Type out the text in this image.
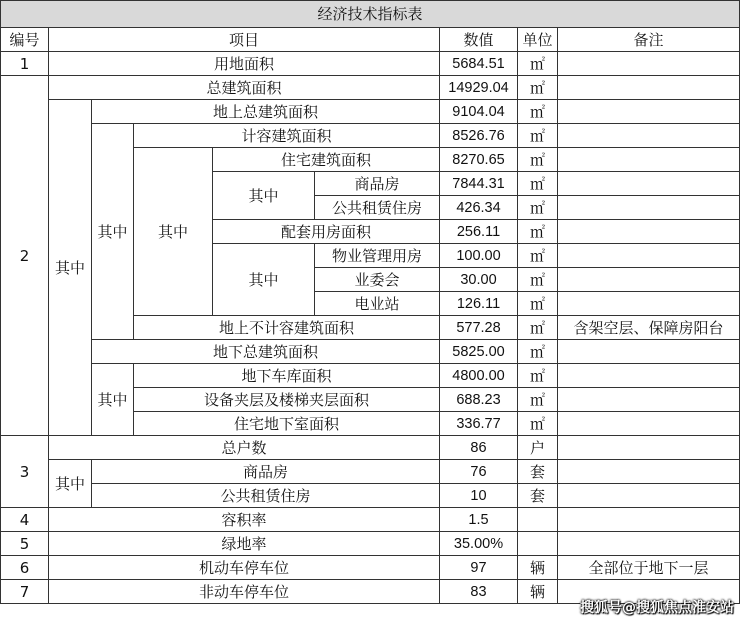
经济技术指标表								
编号	项目					数值	单位	备注
1	用地面积					5684.51	㎡	
2	总建筑面积					14929.04	㎡	
	其中	地上总建筑面积				9104.04	㎡	
		其中	计容建筑面积			8526.76	㎡	
			其中	住宅建筑面积		8270.65	㎡	
				其中	商品房	7844.31	㎡	
					公共租赁住房	426.34	㎡	
				配套用房面积		256.11	㎡	
				其中	物业管理用房	100.00	㎡	
					业委会	30.00	㎡	
					电业站	126.11	㎡	
			地上不计容建筑面积			577.28	㎡	含架空层、保障房阳台
		地下总建筑面积				5825.00	㎡	
		其中	地下车库面积			4800.00	㎡	
			设备夹层及楼梯夹层面积			688.23	㎡	
			住宅地下室面积			336.77	㎡	
3	总户数					86	户	
	其中	商品房				76	套	
		公共租赁住房				10	套	
4	容积率					1.5		
5	绿地率					35.00%		
6	机动车停车位					97	辆	全部位于地下一层
7	非动车停车位					83	辆	
搜狐号@搜狐焦点淮安站
